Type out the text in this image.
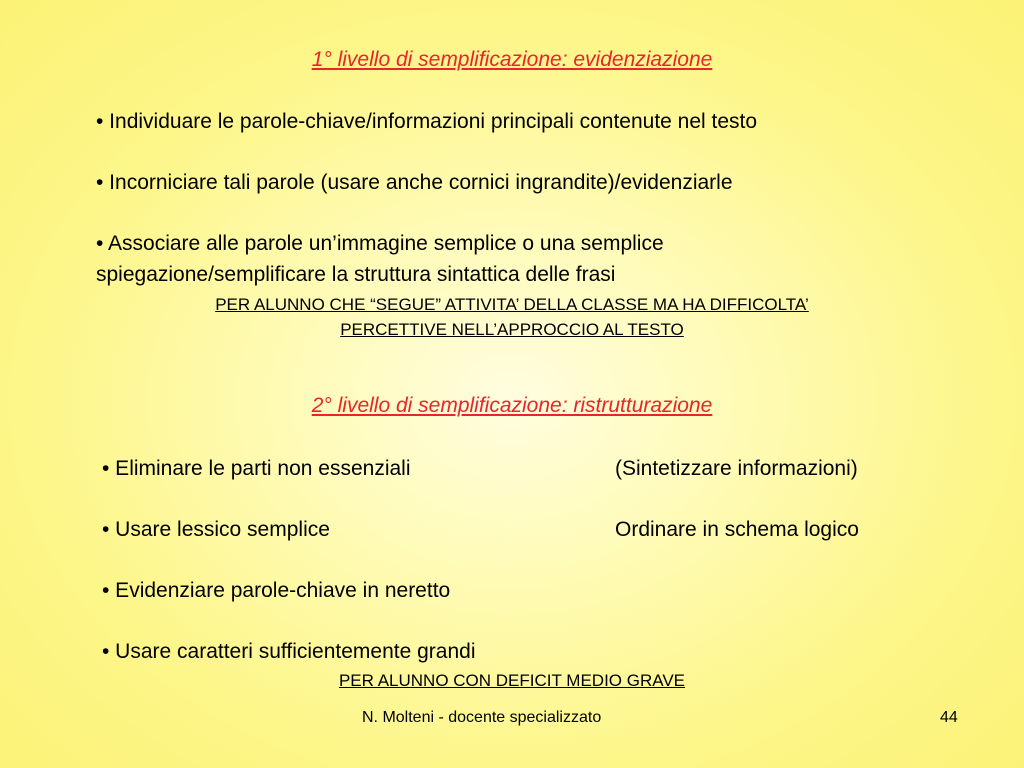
1° livello di semplificazione: evidenziazione
• Individuare le parole-chiave/informazioni principali contenute nel testo
• Incorniciare tali parole (usare anche cornici ingrandite)/evidenziarle
• Associare alle parole un’immagine semplice o una semplice
spiegazione/semplificare la struttura sintattica delle frasi
PER ALUNNO CHE “SEGUE” ATTIVITA’ DELLA CLASSE MA HA DIFFICOLTA’
PERCETTIVE NELL’APPROCCIO AL TESTO
2° livello di semplificazione: ristrutturazione
• Eliminare le parti non essenziali	(Sintetizzare informazioni)
• Usare lessico semplice	Ordinare in schema logico
• Evidenziare parole-chiave in neretto
• Usare caratteri sufficientemente grandi
PER ALUNNO CON DEFICIT MEDIO GRAVE
N. Molteni - docente specializzato	44
